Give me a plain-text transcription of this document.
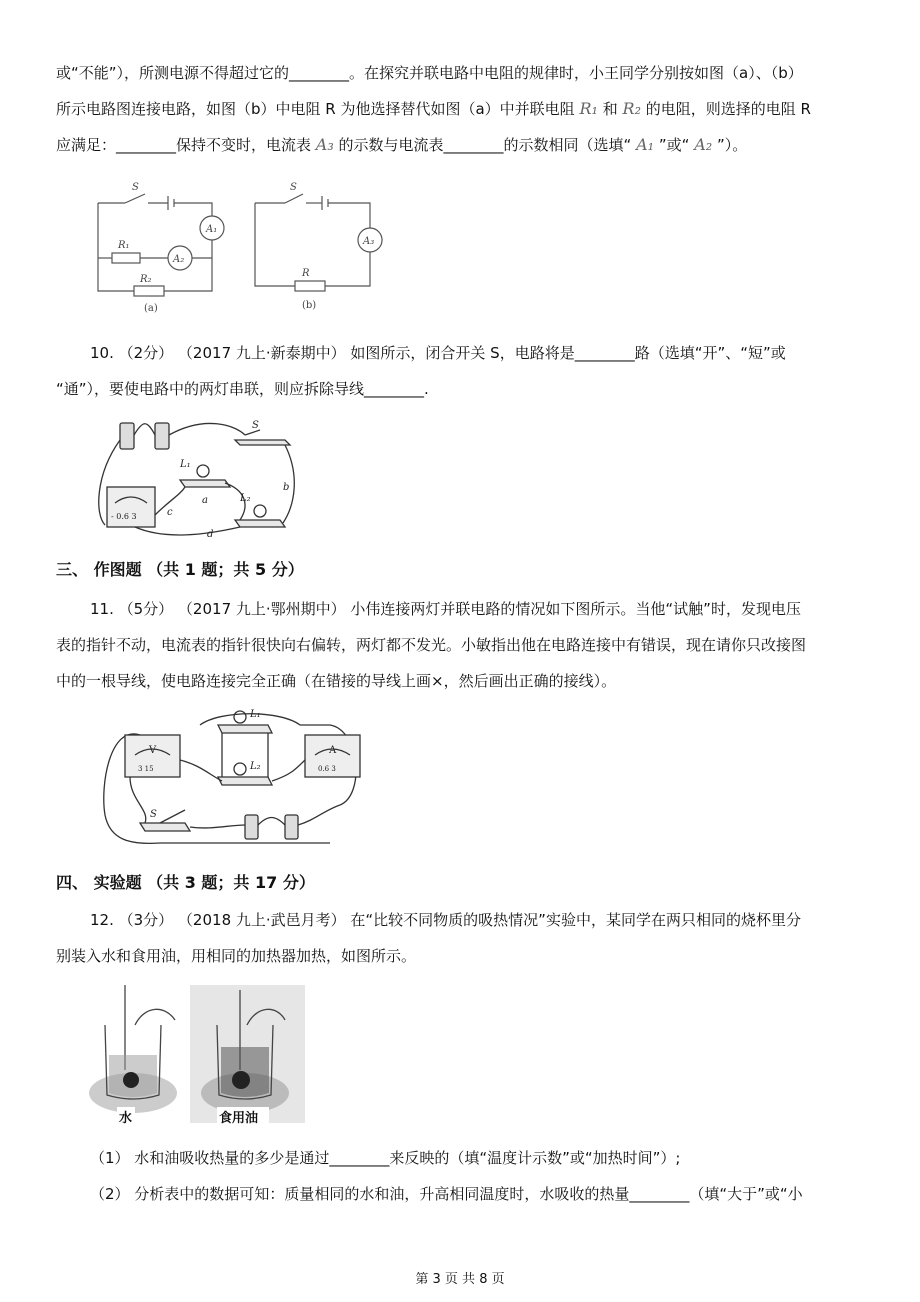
或“不能”），所测电源不得超过它的________。在探究并联电路中电阻的规律时，小王同学分别按如图（a）、（b）
所示电路图连接电路，如图（b）中电阻 R 为他选择替代如图（a）中并联电阻 R₁ 和 R₂ 的电阻，则选择的电阻 R
应满足：________保持不变时，电流表 A₃ 的示数与电流表________的示数相同（选填“ A₁ ”或“ A₂ ”）。
S
A₁
A₂
R₁
R₂
(a)
S
A₃
R
(b)
10. （2分） （2017 九上·新泰期中） 如图所示，闭合开关 S，电路将是________路（选填“开”、“短”或
“通”），要使电路中的两灯串联，则应拆除导线________.
S
L₁
L₂
a
b
c
d
- 0.6 3
三、 作图题 （共 1 题；共 5 分）
11. （5分） （2017 九上·鄂州期中） 小伟连接两灯并联电路的情况如下图所示。当他“试触”时，发现电压
表的指针不动，电流表的指针很快向右偏转，两灯都不发光。小敏指出他在电路连接中有错误，现在请你只改接图
中的一根导线，使电路连接完全正确（在错接的导线上画×，然后画出正确的接线）。
L₁
L₂
S
V	A
3 15	0.6 3
四、 实验题 （共 3 题；共 17 分）
12. （3分） （2018 九上·武邑月考） 在“比较不同物质的吸热情况”实验中，某同学在两只相同的烧杯里分
别装入水和食用油，用相同的加热器加热，如图所示。
水	食用油
（1） 水和油吸收热量的多少是通过________来反映的（填“温度计示数”或“加热时间”）;
（2） 分析表中的数据可知：质量相同的水和油，升高相同温度时，水吸收的热量________（填“大于”或“小
第 3 页 共 8 页
